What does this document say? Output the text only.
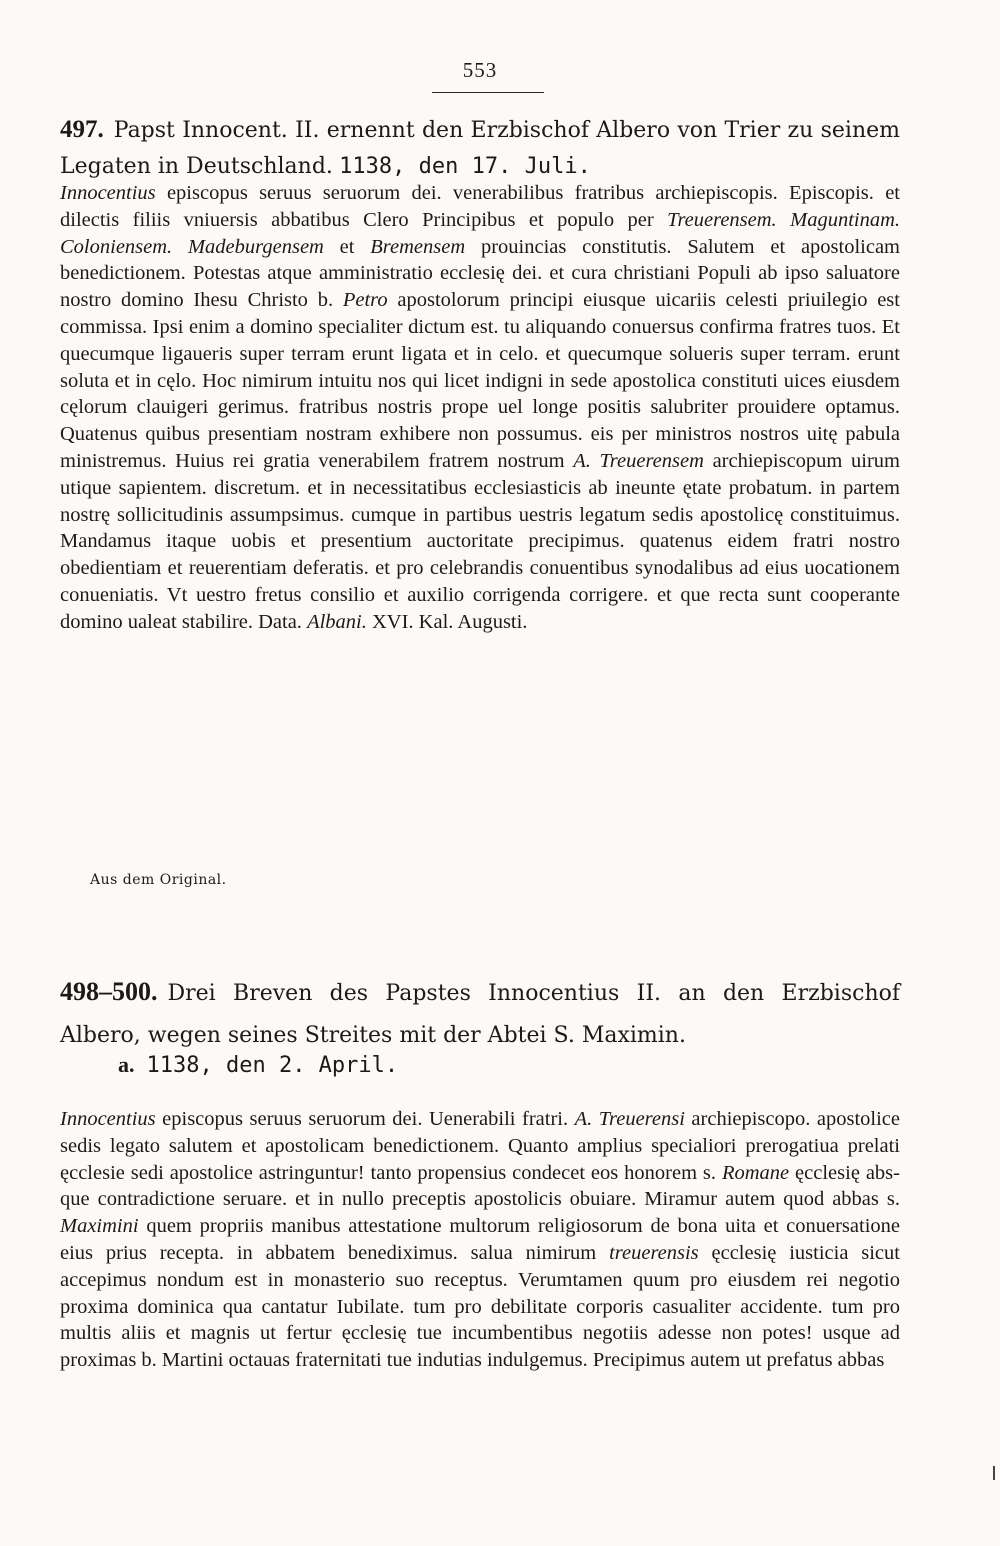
553
497. Papst Innocent. II. ernennt den Erzbischof Albero von Trier zu seinem Legaten in Deutschland. 1138, den 17. Juli.
Innocentius episcopus seruus seruorum dei. venerabilibus fratribus archiepiscopis. Episcopis. et dilectis filiis vniuersis abbatibus Clero Principibus et populo per Treuerensem. Maguntinam. Coloniensem. Madeburgensem et Bremensem prouincias constitutis. Salutem et apostolicam benedictionem. Potestas atque amministratio ecclesię dei. et cura christiani Populi ab ipso saluatore nostro domino Ihesu Christo b. Petro apostolorum principi eiusque uicariis celesti priuilegio est commissa. Ipsi enim a domino specialiter dictum est. tu aliquando conuersus confirma fratres tuos. Et quecumque ligaueris super terram erunt ligata et in celo. et quecumque solueris super terram. erunt soluta et in cęlo. Hoc nimirum intuitu nos qui licet indigni in sede apostolica constituti uices eiusdem cęlorum clauigeri gerimus. fratribus nostris prope uel longe positis salubriter prouidere optamus. Quatenus quibus presentiam nostram exhibere non possumus. eis per ministros nostros uitę pabula ministremus. Huius rei gratia venerabilem fratrem nostrum A. Treuerensem archiepiscopum uirum utique sapientem. discretum. et in necessitatibus ecclesiasticis ab ineunte ętate probatum. in partem nostrę sollicitudinis assumpsimus. cumque in partibus uestris legatum sedis apostolicę constituimus. Mandamus itaque uobis et presentium auctoritate precipimus. quatenus eidem fratri nostro obedientiam et reuerentiam deferatis. et pro celebrandis conuentibus synodalibus ad eius uocationem conueniatis. Vt uestro fretus consilio et auxilio corrigenda corrigere. et que recta sunt cooperante domino ualeat stabilire. Data. Albani. XVI. Kal. Augusti.
Aus dem Original.
498–500. Drei Breven des Papstes Innocentius II. an den Erzbischof Albero, wegen seines Streites mit der Abtei S. Maximin.
a. 1138, den 2. April.
Innocentius episcopus seruus seruorum dei. Uenerabili fratri. A. Treuerensi archiepiscopo. apostolice sedis legato salutem et apostolicam benedictionem. Quanto amplius specialiori prerogatiua prelati ęcclesie sedi apostolice astringuntur! tanto propensius condecet eos honorem s. Romane ęcclesię absque contradictione seruare. et in nullo preceptis apostolicis obuiare. Miramur autem quod abbas s. Maximini quem propriis manibus attestatione multorum religiosorum de bona uita et conuersatione eius prius recepta. in abbatem benediximus. salua nimirum treuerensis ęcclesię iusticia sicut accepimus nondum est in monasterio suo receptus. Verumtamen quum pro eiusdem rei negotio proxima dominica qua cantatur Iubilate. tum pro debilitate corporis casualiter accidente. tum pro multis aliis et magnis ut fertur ęcclesię tue incumbentibus negotiis adesse non potes! usque ad proximas b. Martini octauas fraternitati tue indutias indulgemus. Precipimus autem ut prefatus abbas
